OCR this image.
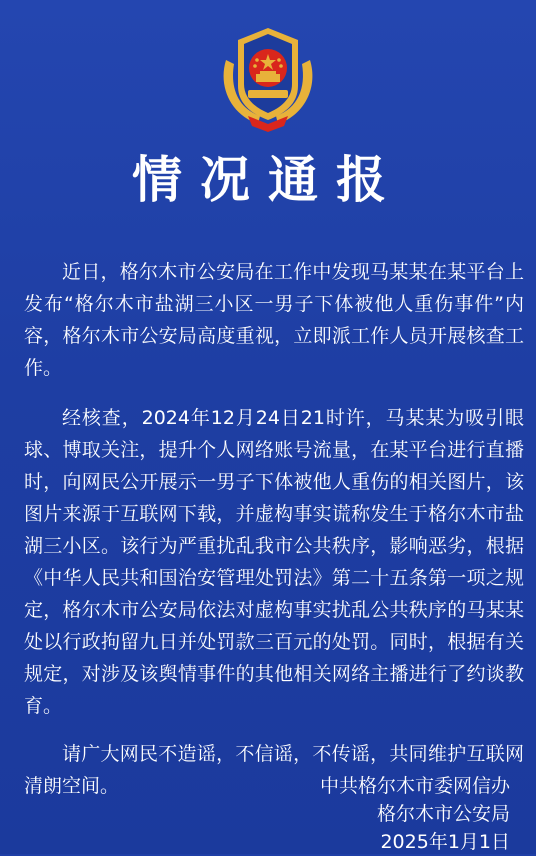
情况通报

近日，格尔木市公安局在工作中发现马某某在某平台上发布“格尔木市盐湖三小区一男子下体被他人重伤事件”内容，格尔木市公安局高度重视，立即派工作人员开展核查工作。

经核查，2024年12月24日21时许，马某某为吸引眼球、博取关注，提升个人网络账号流量，在某平台进行直播时，向网民公开展示一男子下体被他人重伤的相关图片，该图片来源于互联网下载，并虚构事实谎称发生于格尔木市盐湖三小区。该行为严重扰乱我市公共秩序，影响恶劣，根据《中华人民共和国治安管理处罚法》第二十五条第一项之规定，格尔木市公安局依法对虚构事实扰乱公共秩序的马某某处以行政拘留九日并处罚款三百元的处罚。同时，根据有关规定，对涉及该舆情事件的其他相关网络主播进行了约谈教育。

请广大网民不造谣，不信谣，不传谣，共同维护互联网清朗空间。	中共格尔木市委网信办
格尔木市公安局
2025年1月1日
